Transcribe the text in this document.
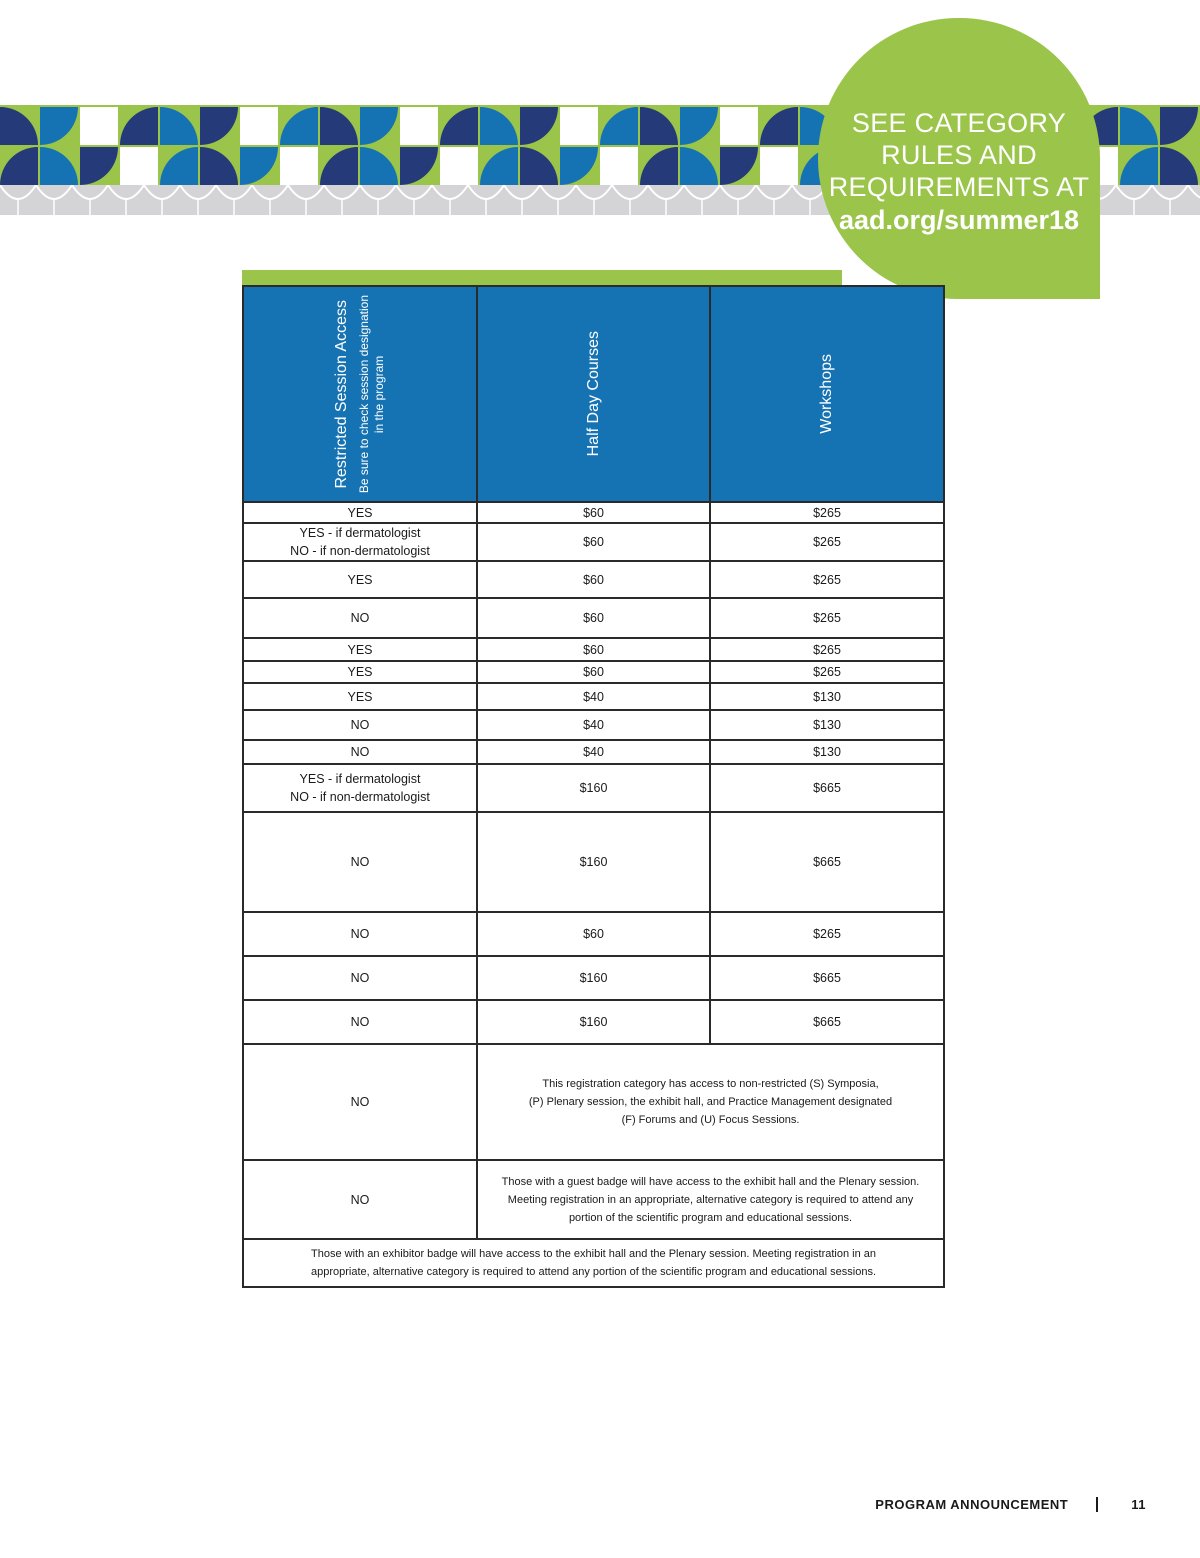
SEE CATEGORY
RULES AND
REQUIREMENTS AT
aad.org/summer18
Restricted Session Access Be sure to check session designation
in the program	Half Day Courses	Workshops

YES	$60	$265
YES - if dermatologist
NO - if non-dermatologist	$60	$265
YES	$60	$265
NO	$60	$265
YES	$60	$265
YES	$60	$265
YES	$40	$130
NO	$40	$130
NO	$40	$130
YES - if dermatologist
NO - if non-dermatologist	$160	$665
NO	$160	$665
NO	$60	$265
NO	$160	$665
NO	$160	$665
NO	This registration category has access to non-restricted (S) Symposia,
(P) Plenary session, the exhibit hall, and Practice Management designated
(F) Forums and (U) Focus Sessions.	
NO	Those with a guest badge will have access to the exhibit hall and the Plenary session.
Meeting registration in an appropriate, alternative category is required to attend any
portion of the scientific program and educational sessions.	
Those with an exhibitor badge will have access to the exhibit hall and the Plenary session. Meeting registration in an
appropriate, alternative category is required to attend any portion of the scientific program and educational sessions.		
PROGRAM ANNOUNCEMENT	11
